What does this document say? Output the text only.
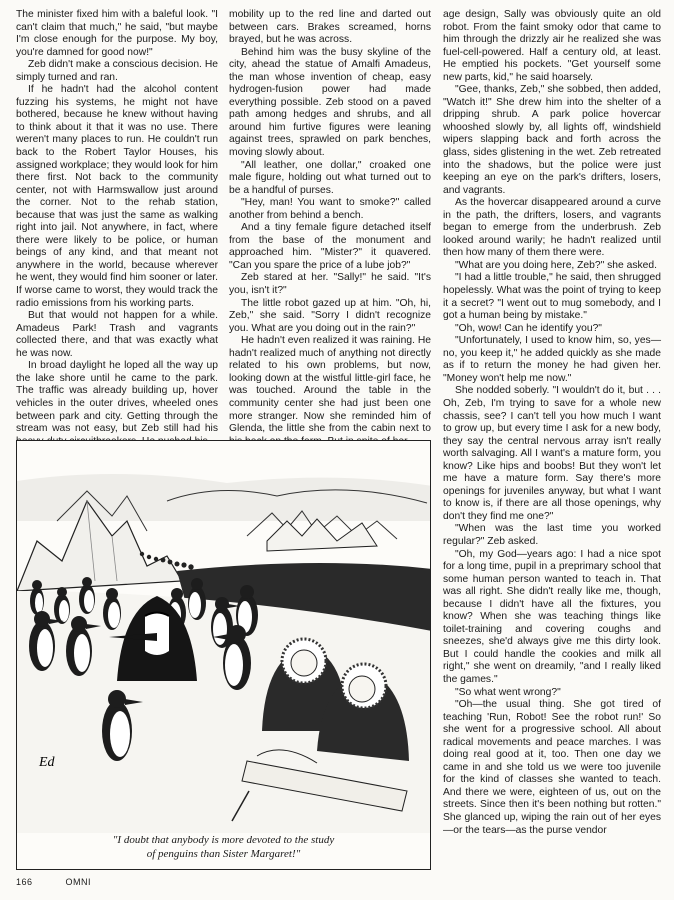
The minister fixed him with a baleful look. "I can't claim that much," he said, "but maybe I'm close enough for the purpose. My boy, you're damned for good now!"

Zeb didn't make a conscious decision. He simply turned and ran.

If he hadn't had the alcohol content fuzzing his systems, he might not have bothered, because he knew without having to think about it that it was no use. There weren't many places to run. He couldn't run back to the Robert Taylor Houses, his assigned workplace; they would look for him there first. Not back to the community center, not with Harmswallow just around the corner. Not to the rehab station, because that was just the same as walking right into jail. Not anywhere, in fact, where there were likely to be police, or human beings of any kind, and that meant not anywhere in the world, because wherever he went, they would find him sooner or later. If worse came to worst, they would track the radio emissions from his working parts.

But that would not happen for a while. Amadeus Park! Trash and vagrants collected there, and that was exactly what he was now.

In broad daylight he loped all the way up the lake shore until he came to the park. The traffic was already building up, hover vehicles in the outer drives, wheeled ones between park and city. Getting through the stream was not easy, but Zeb still had his

mobility up to the red line and darted out between cars. Brakes screamed, horns brayed, but he was across.

Behind him was the busy skyline of the city, ahead the statue of Amalfi Amadeus, the man whose invention of cheap, easy hydrogen-fusion power had made everything possible. Zeb stood on a paved path among hedges and shrubs, and all around him furtive figures were leaning against trees, sprawled on park benches, moving slowly about.

"All leather, one dollar," croaked one male figure, holding out what turned out to be a handful of purses.

"Hey, man! You want to smoke?" called another from behind a bench.

And a tiny female figure detached itself from the base of the monument and approached him. "Mister?" it quavered. "Can you spare the price of a lube job?"

Zeb stared at her. "Sally!" he said. "It's you, isn't it?"

The little robot gazed up at him. "Oh, hi, Zeb," she said. "Sorry I didn't recognize you. What are you doing out in the rain?"

He hadn't even realized it was raining. He hadn't realized much of anything not directly related to his own problems, but now, looking down at the wistful little-girl face, he was touched. Around the table in the community center she had just been one more stranger. Now she reminded him of Glenda, the little she from the cabin next to

age design, Sally was obviously quite an old robot. From the faint smoky odor that came to him through the drizzly air he realized she was fuel-cell-powered. Half a century old, at least. He emptied his pockets. "Get yourself some new parts, kid," he said hoarsely.

"Gee, thanks, Zeb," she sobbed, then added, "Watch it!" She drew him into the shelter of a dripping shrub. A park police hovercar whooshed slowly by, all lights off, windshield wipers slapping back and forth across the glass, sides glistening in the wet. Zeb retreated into the shadows, but the police were just keeping an eye on the park's drifters, losers, and vagrants.

As the hovercar disappeared around a curve in the path, the drifters, losers, and vagrants began to emerge from the underbrush. Zeb looked around warily; he hadn't realized until then how many of them there were.

"What are you doing here, Zeb?" she asked.

"I had a little trouble," he said, then shrugged hopelessly. What was the point of trying to keep it a secret? "I went out to mug somebody, and I got a human being by mistake."

"Oh, wow! Can he identify you?"

"Unfortunately, I used to know him, so, yes—no, you keep it," he added quickly as she made as if to return the money he had given her. "Money won't help me now."

She nodded soberly. "I wouldn't do it, but . . . Oh, Zeb, I'm trying to save for a whole new chassis, see? I can't tell you how much I want to grow up, but every time I ask for a new body, they say the central nervous array isn't really worth salvaging. All I want's a mature form, you know? Like hips and boobs! But they won't let me have a mature form. Say there's more openings for juveniles anyway, but what I want to know is, if there are all those openings, why don't they find me one?"

"When was the last time you worked regular?" Zeb asked.

"Oh, my God—years ago: I had a nice spot for a long time, pupil in a preprimary school that some human person wanted to teach in. That was all right. She didn't really like me, though, because I didn't have all the fixtures, you know? When she was teaching things like toilet-training and covering coughs and sneezes, she'd always give me this dirty look. But I could handle the cookies and milk all right," she went on dreamily, "and I really liked the games."

"So what went wrong?"

"Oh—the usual thing. She got tired of teaching 'Run, Robot! See the robot run!' So she went for a progressive school. All about radical movements and peace marches. I was doing real good at it, too. Then one day we came in and she told us we were too juvenile for the kind of classes she wanted to teach. And there we were, eighteen of us, out on the streets. Since then it's been nothing but rotten." She glanced up, wiping the rain out of her eyes—or the tears—as the purse vendor

Ed
"I doubt that anybody is more devoted to the study
of penguins than Sister Margaret!"
166	OMNI
